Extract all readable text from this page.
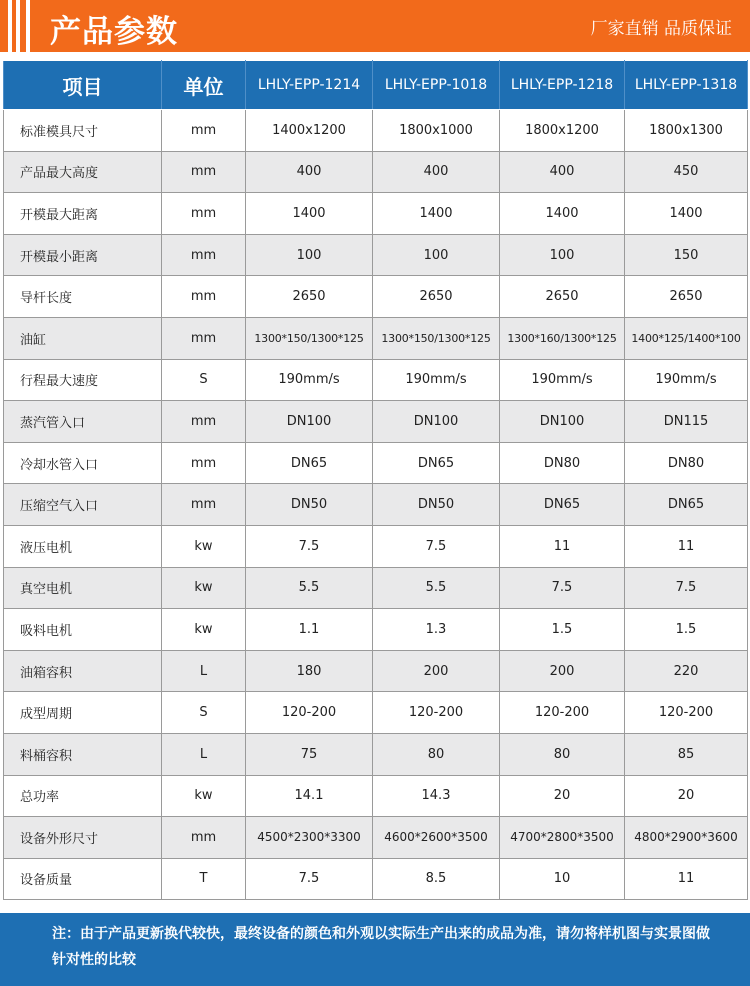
产品参数	厂家直销 品质保证
项目	单位	LHLY-EPP-1214	LHLY-EPP-1018	LHLY-EPP-1218	LHLY-EPP-1318
标准模具尺寸	mm	1400x1200	1800x1000	1800x1200	1800x1300
产品最大高度	mm	400	400	400	450
开模最大距离	mm	1400	1400	1400	1400
开模最小距离	mm	100	100	100	150
导杆长度	mm	2650	2650	2650	2650
油缸	mm	1300*150/1300*125	1300*150/1300*125	1300*160/1300*125	1400*125/1400*100
行程最大速度	S	190mm/s	190mm/s	190mm/s	190mm/s
蒸汽管入口	mm	DN100	DN100	DN100	DN115
冷却水管入口	mm	DN65	DN65	DN80	DN80
压缩空气入口	mm	DN50	DN50	DN65	DN65
液压电机	kw	7.5	7.5	11	11
真空电机	kw	5.5	5.5	7.5	7.5
吸料电机	kw	1.1	1.3	1.5	1.5
油箱容积	L	180	200	200	220
成型周期	S	120-200	120-200	120-200	120-200
料桶容积	L	75	80	80	85
总功率	kw	14.1	14.3	20	20
设备外形尺寸	mm	4500*2300*3300	4600*2600*3500	4700*2800*3500	4800*2900*3600
设备质量	T	7.5	8.5	10	11
注：由于产品更新换代较快，最终设备的颜色和外观以实际生产出来的成品为准，请勿将样机图与实景图做针对性的比较
